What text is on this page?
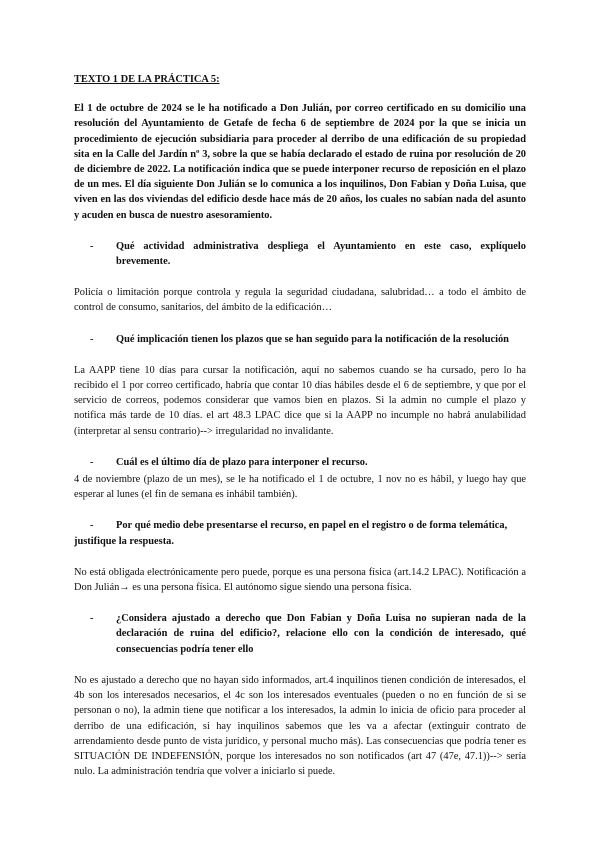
TEXTO 1 DE LA PRÁCTICA 5:

El 1 de octubre de 2024 se le ha notificado a Don Julián, por correo certificado en su domicilio una resolución del Ayuntamiento de Getafe de fecha 6 de septiembre de 2024 por la que se inicia un procedimiento de ejecución subsidiaria para proceder al derribo de una edificación de su propiedad sita en la Calle del Jardín nº 3, sobre la que se había declarado el estado de ruina por resolución de 20 de diciembre de 2022. La notificación indica que se puede interponer recurso de reposición en el plazo de un mes. El día siguiente Don Julián se lo comunica a los inquilinos, Don Fabian y Doña Luisa, que viven en las dos viviendas del edificio desde hace más de 20 años, los cuales no sabían nada del asunto y acuden en busca de nuestro asesoramiento.

-	Qué actividad administrativa despliega el Ayuntamiento en este caso, explíquelo brevemente.

Policía o limitación porque controla y regula la seguridad ciudadana, salubridad… a todo el ámbito de control de consumo, sanitarios, del ámbito de la edificación…

-	Qué implicación tienen los plazos que se han seguido para la notificación de la resolución

La AAPP tiene 10 días para cursar la notificación, aquí no sabemos cuando se ha cursado, pero lo ha recibido el 1 por correo certificado, habría que contar 10 días hábiles desde el 6 de septiembre, y que por el servicio de correos, podemos considerar que vamos bien en plazos. Si la admin no cumple el plazo y notifica más tarde de 10 días. el art 48.3 LPAC dice que si la AAPP no incumple no habrá anulabilidad (interpretar al sensu contrario)--> irregularidad no invalidante.

-	Cuál es el último día de plazo para interponer el recurso.

4 de noviembre (plazo de un mes), se le ha notificado el 1 de octubre, 1 nov no es hábil, y luego hay que esperar al lunes (el fin de semana es inhábil también).

- Por qué medio debe presentarse el recurso, en papel en el registro o de forma telemática, justifique la respuesta.

No está obligada electrónicamente pero puede, porque es una persona física (art.14.2 LPAC). Notificación a Don Julián→ es una persona física. El autónomo sigue siendo una persona física.

-	¿Considera ajustado a derecho que Don Fabian y Doña Luisa no supieran nada de la declaración de ruina del edificio?, relacione ello con la condición de interesado, qué consecuencias podría tener ello

No es ajustado a derecho que no hayan sido informados, art.4 inquilinos tienen condición de interesados, el 4b son los interesados necesarios, el 4c son los interesados eventuales (pueden o no en función de si se personan o no), la admin tiene que notificar a los interesados, la admin lo inicia de oficio para proceder al derribo de una edificación, si hay inquilinos sabemos que les va a afectar (extinguir contrato de arrendamiento desde punto de vista jurídico, y personal mucho más). Las consecuencias que podría tener es SITUACIÓN DE INDEFENSIÓN, porque los interesados no son notificados (art 47 (47e, 47.1))--> sería nulo. La administración tendría que volver a iniciarlo si puede.
